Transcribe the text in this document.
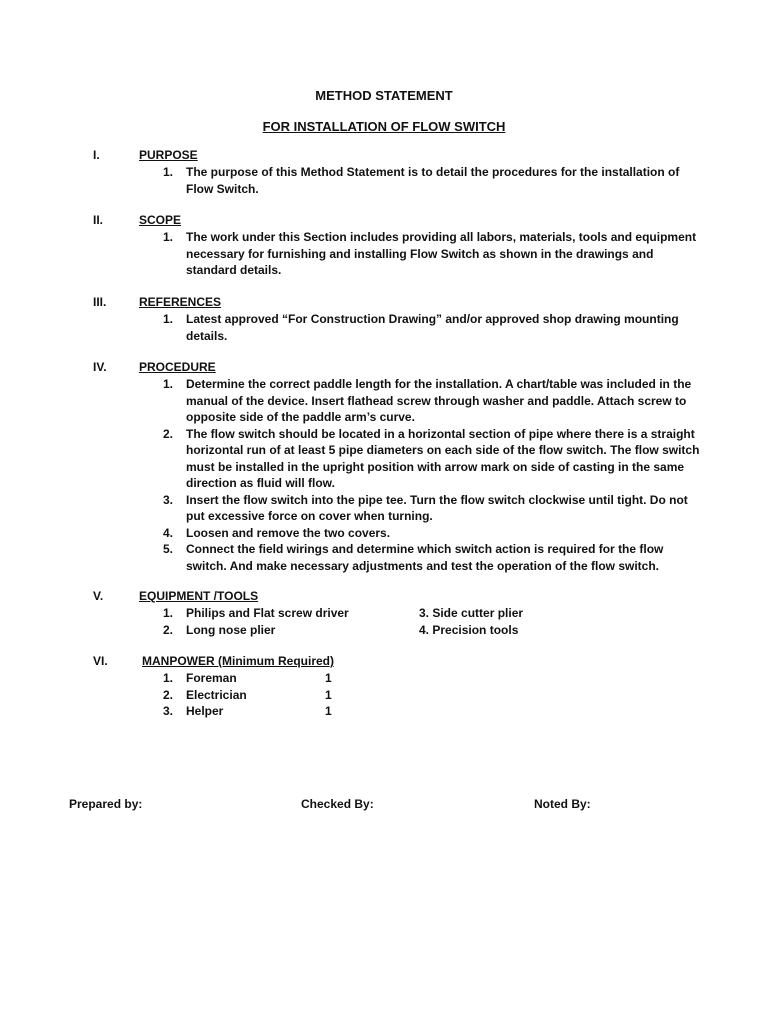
METHOD STATEMENT
FOR INSTALLATION OF FLOW SWITCH
I.	PURPOSE
1. The purpose of this Method Statement is to detail the procedures for the installation of Flow Switch.
II.	SCOPE
1. The work under this Section includes providing all labors, materials, tools and equipment necessary for furnishing and installing Flow Switch as shown in the drawings and standard details.
III.	REFERENCES
1. Latest approved “For Construction Drawing” and/or approved shop drawing mounting details.
IV.	PROCEDURE
1. Determine the correct paddle length for the installation. A chart/table was included in the manual of the device. Insert flathead screw through washer and paddle. Attach screw to opposite side of the paddle arm’s curve.
2. The flow switch should be located in a horizontal section of pipe where there is a straight horizontal run of at least 5 pipe diameters on each side of the flow switch. The flow switch must be installed in the upright position with arrow mark on side of casting in the same direction as fluid will flow.
3. Insert the flow switch into the pipe tee. Turn the flow switch clockwise until tight. Do not put excessive force on cover when turning.
4. Loosen and remove the two covers.
5. Connect the field wirings and determine which switch action is required for the flow switch. And make necessary adjustments and test the operation of the flow switch.
V.	EQUIPMENT /TOOLS
1. Philips and Flat screw driver	3. Side cutter plier
2. Long nose plier	4. Precision tools
VI.	MANPOWER (Minimum Required)
1. Foreman	1
2. Electrician	1
3. Helper	1
Prepared by:	Checked By:	Noted By:
